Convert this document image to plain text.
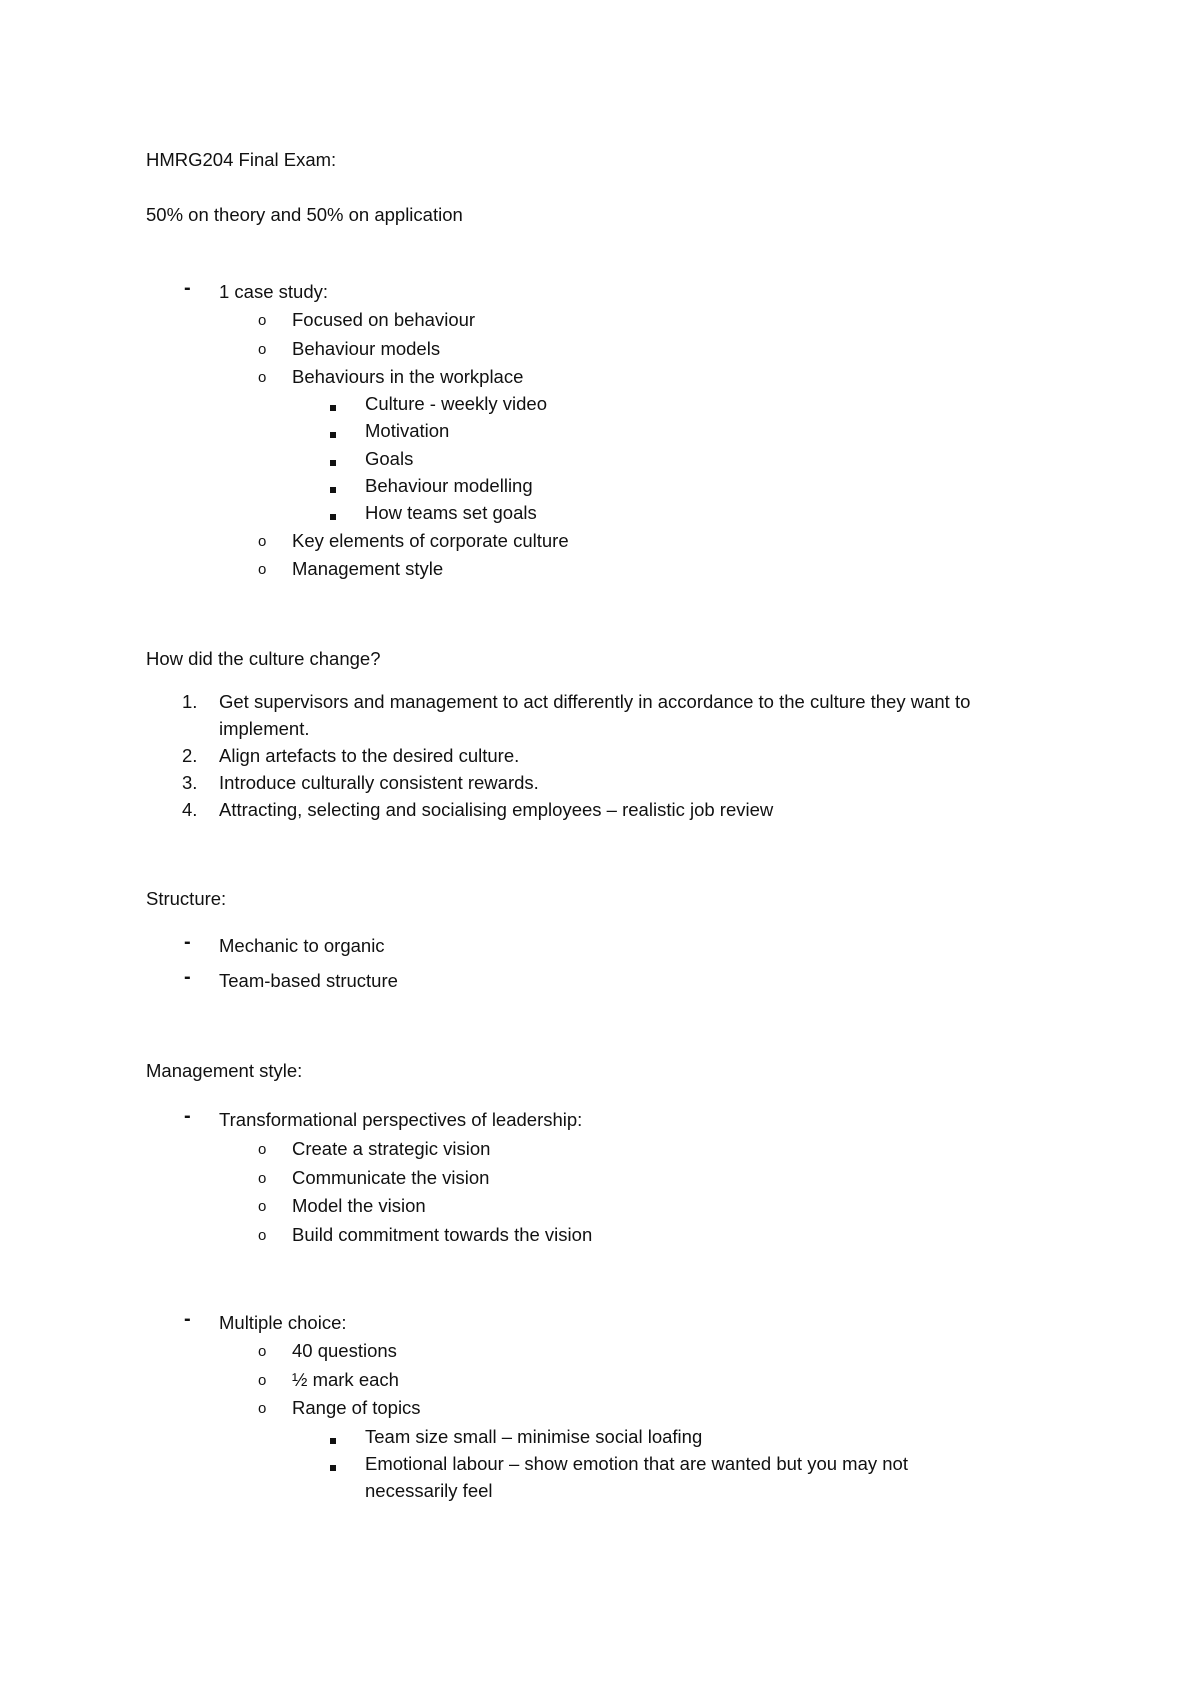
HMRG204 Final Exam:
50% on theory and 50% on application
- 1 case study:
o Focused on behaviour
o Behaviour models
o Behaviours in the workplace
Culture - weekly video
Motivation
Goals
Behaviour modelling
How teams set goals
o Key elements of corporate culture
o Management style
How did the culture change?
1. Get supervisors and management to act differently in accordance to the culture they want to
implement.
2. Align artefacts to the desired culture.
3. Introduce culturally consistent rewards.
4. Attracting, selecting and socialising employees – realistic job review
Structure:
- Mechanic to organic
- Team-based structure
Management style:
- Transformational perspectives of leadership:
o Create a strategic vision
o Communicate the vision
o Model the vision
o Build commitment towards the vision
- Multiple choice:
o 40 questions
o ½ mark each
o Range of topics
Team size small – minimise social loafing
Emotional labour – show emotion that are wanted but you may not
necessarily feel
